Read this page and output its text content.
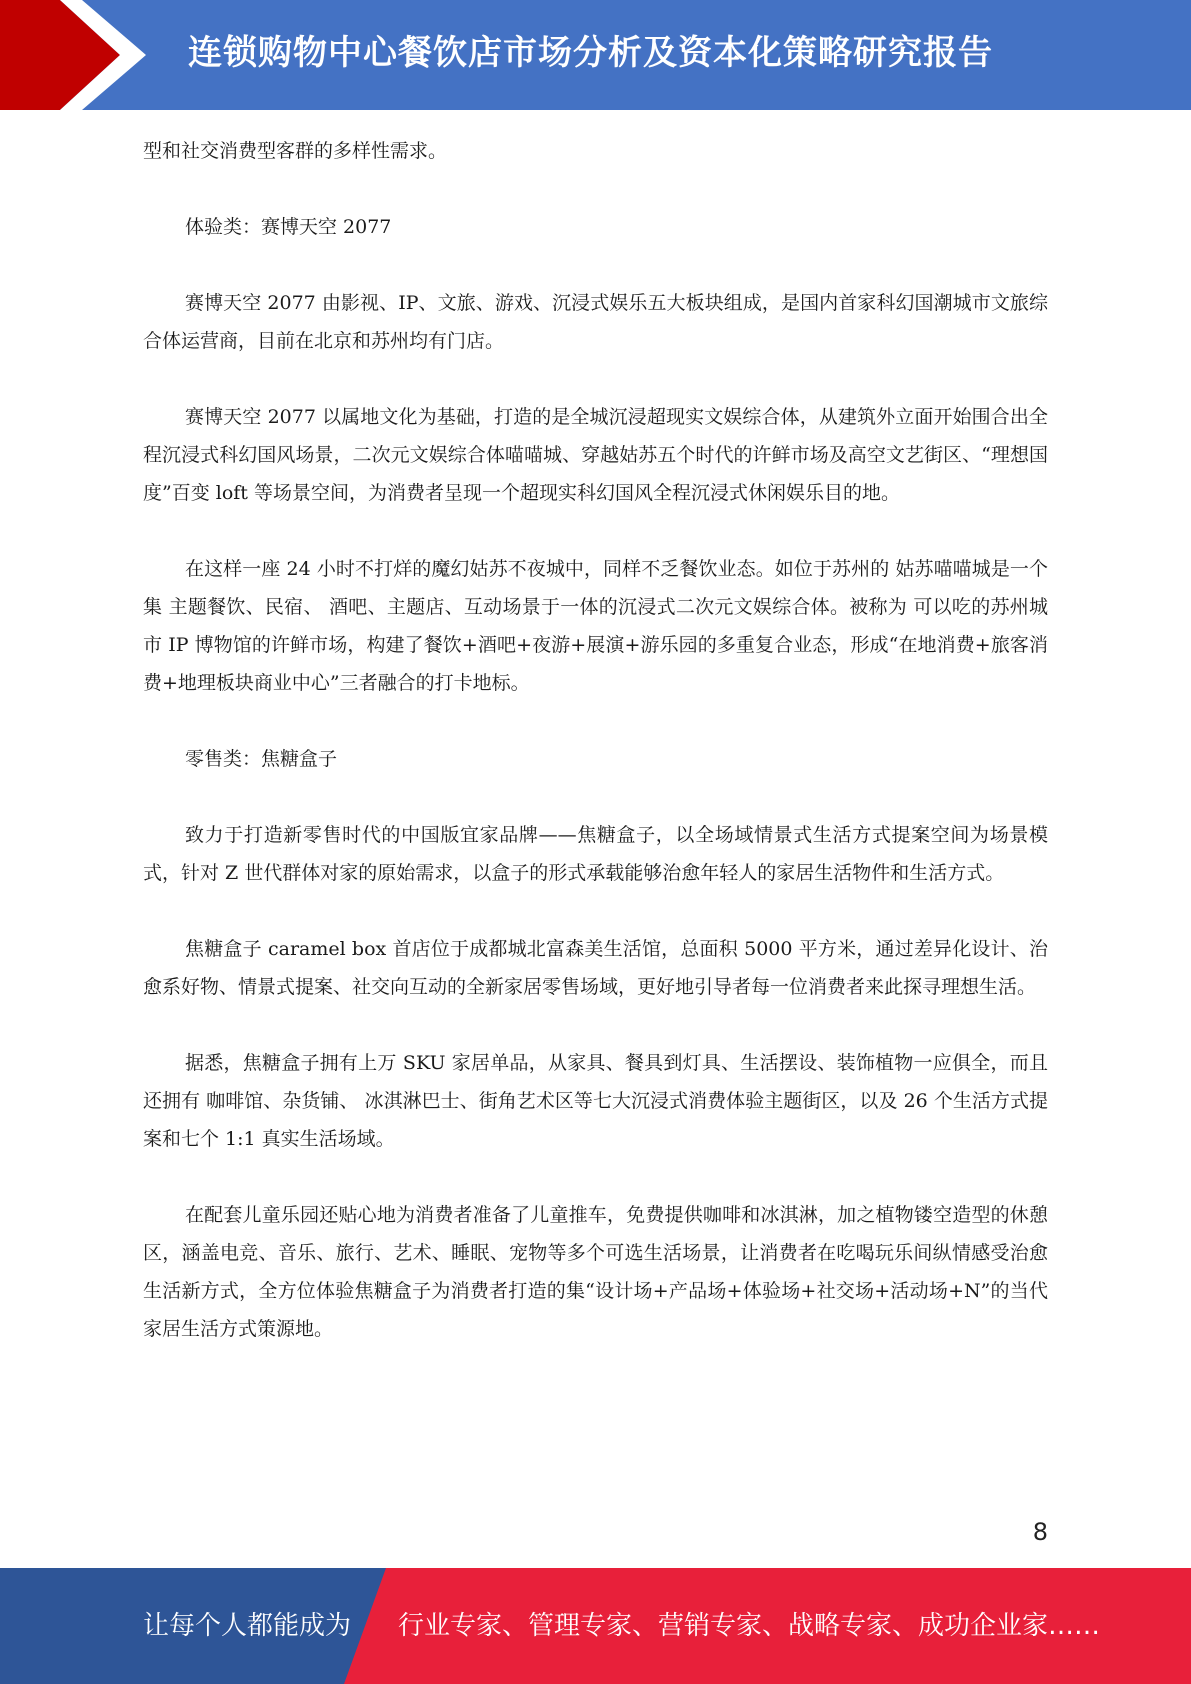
连锁购物中心餐饮店市场分析及资本化策略研究报告

型和社交消费型客群的多样性需求。

体验类：赛博天空 2077

赛博天空 2077 由影视、IP、文旅、游戏、沉浸式娱乐五大板块组成，是国内首家科幻国潮城市文旅综合体运营商，目前在北京和苏州均有门店。

赛博天空 2077 以属地文化为基础，打造的是全城沉浸超现实文娱综合体，从建筑外立面开始围合出全程沉浸式科幻国风场景，二次元文娱综合体喵喵城、穿越姑苏五个时代的许鲜市场及高空文艺街区、“理想国度”百变 loft 等场景空间，为消费者呈现一个超现实科幻国风全程沉浸式休闲娱乐目的地。

在这样一座 24 小时不打烊的魔幻姑苏不夜城中，同样不乏餐饮业态。如位于苏州的 姑苏喵喵城是一个集 主题餐饮、民宿、 酒吧、主题店、互动场景于一体的沉浸式二次元文娱综合体。被称为 可以吃的苏州城市 IP 博物馆的许鲜市场，构建了餐饮+酒吧+夜游+展演+游乐园的多重复合业态，形成“在地消费+旅客消费+地理板块商业中心”三者融合的打卡地标。

零售类：焦糖盒子

致力于打造新零售时代的中国版宜家品牌——焦糖盒子，以全场域情景式生活方式提案空间为场景模式，针对 Z 世代群体对家的原始需求，以盒子的形式承载能够治愈年轻人的家居生活物件和生活方式。

焦糖盒子 caramel box 首店位于成都城北富森美生活馆，总面积 5000 平方米，通过差异化设计、治愈系好物、情景式提案、社交向互动的全新家居零售场域，更好地引导者每一位消费者来此探寻理想生活。

据悉，焦糖盒子拥有上万 SKU 家居单品，从家具、餐具到灯具、生活摆设、装饰植物一应俱全，而且还拥有 咖啡馆、杂货铺、 冰淇淋巴士、街角艺术区等七大沉浸式消费体验主题街区，以及 26 个生活方式提案和七个 1:1 真实生活场域。

在配套儿童乐园还贴心地为消费者准备了儿童推车，免费提供咖啡和冰淇淋，加之植物镂空造型的休憩区，涵盖电竞、音乐、旅行、艺术、睡眠、宠物等多个可选生活场景，让消费者在吃喝玩乐间纵情感受治愈生活新方式，全方位体验焦糖盒子为消费者打造的集“设计场+产品场+体验场+社交场+活动场+N”的当代家居生活方式策源地。

8
让每个人都能成为 行业专家、管理专家、营销专家、战略专家、成功企业家……
